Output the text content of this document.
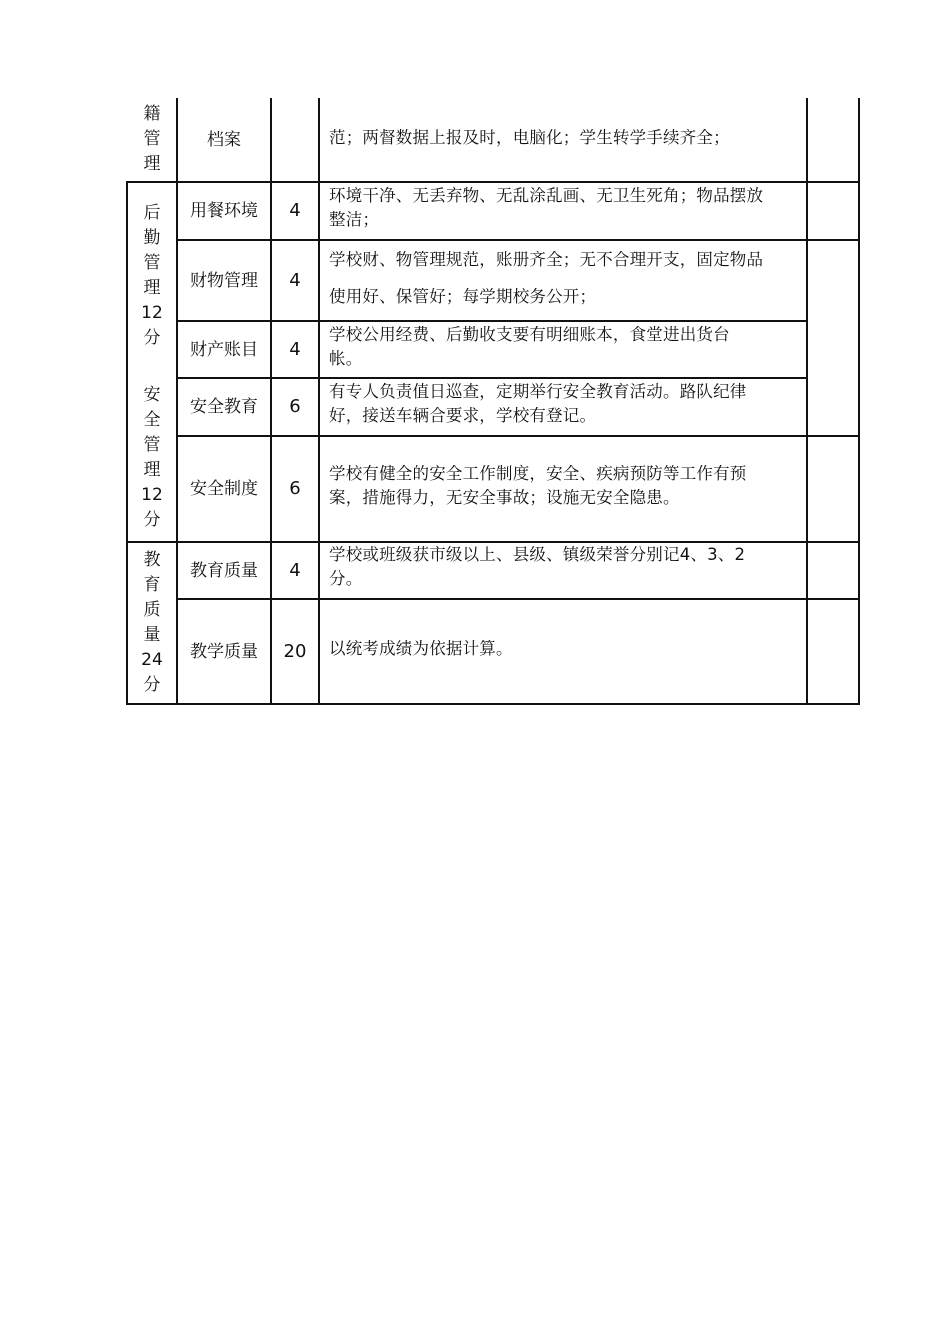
籍
管
理
后
勤
管
理
12
分
安
全
管
理
12
分
教
育
质
量
24
分
档案
用餐环境
财物管理
财产账目
安全教育
安全制度
教育质量
教学质量
4
4
4
6
6
4
20
范；两督数据上报及时，电脑化；学生转学手续齐全；
环境干净、无丢弃物、无乱涂乱画、无卫生死角；物品摆放
整洁；
学校财、物管理规范，账册齐全；无不合理开支，固定物品
使用好、保管好；每学期校务公开；
学校公用经费、后勤收支要有明细账本，食堂进出货台
帐。
有专人负责值日巡查，定期举行安全教育活动。路队纪律
好，接送车辆合要求，学校有登记。
学校有健全的安全工作制度，安全、疾病预防等工作有预
案，措施得力，无安全事故；设施无安全隐患。
学校或班级获市级以上、县级、镇级荣誉分别记4、3、2
分。
以统考成绩为依据计算。
